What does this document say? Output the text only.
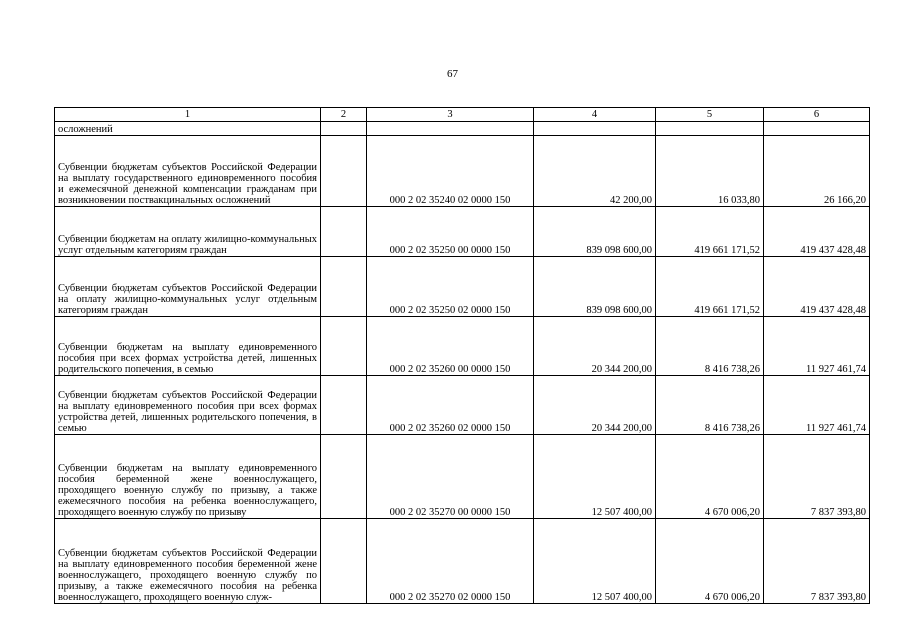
67
1	2	3	4	5	6
осложнений					
Субвенции бюджетам субъектов Российской Федерации на выплату государственного единовременного пособия и ежемесячной денежной компенсации гражданам при возникновении поствакцинальных осложнений		000 2 02 35240 02 0000 150	42 200,00	16 033,80	26 166,20
Субвенции бюджетам на оплату жилищно-коммунальных услуг отдельным категориям граждан		000 2 02 35250 00 0000 150	839 098 600,00	419 661 171,52	419 437 428,48
Субвенции бюджетам субъектов Российской Федерации на оплату жилищно-коммунальных услуг отдельным категориям граждан		000 2 02 35250 02 0000 150	839 098 600,00	419 661 171,52	419 437 428,48
Субвенции бюджетам на выплату единовременного пособия при всех формах устройства детей, лишенных родительского попечения, в семью		000 2 02 35260 00 0000 150	20 344 200,00	8 416 738,26	11 927 461,74
Субвенции бюджетам субъектов Российской Федерации на выплату единовременного пособия при всех формах устройства детей, лишенных родительского попечения, в семью		000 2 02 35260 02 0000 150	20 344 200,00	8 416 738,26	11 927 461,74
Субвенции бюджетам на выплату единовременного пособия беременной жене военнослужащего, проходящего военную службу по призыву, а также ежемесячного пособия на ребенка военнослужащего, проходящего военную службу по призыву		000 2 02 35270 00 0000 150	12 507 400,00	4 670 006,20	7 837 393,80
Субвенции бюджетам субъектов Российской Федерации на выплату единовременного пособия беременной жене военнослужащего, проходящего военную службу по призыву, а также ежемесячного пособия на ребенка военнослужащего, проходящего военную служ-		000 2 02 35270 02 0000 150	12 507 400,00	4 670 006,20	7 837 393,80
